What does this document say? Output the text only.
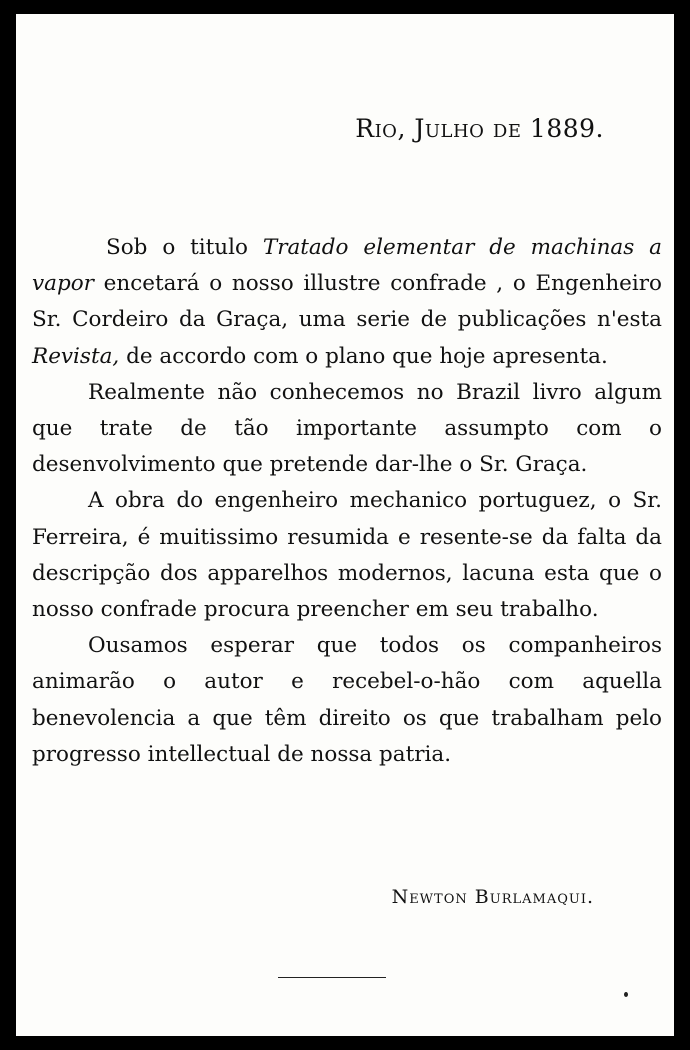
Rio, Julho de 1889.

Sob o titulo Tratado elementar de machinas a vapor encetará o nosso illustre confrade , o Engenheiro Sr. Cordeiro da Graça, uma serie de publicações n'esta Revista, de accordo com o plano que hoje apresenta.

Realmente não conhecemos no Brazil livro algum que trate de tão importante assumpto com o desenvolvimento que pretende dar-lhe o Sr. Graça.

A obra do engenheiro mechanico portuguez, o Sr. Ferreira, é muitissimo resumida e resente-se da falta da descripção dos apparelhos modernos, lacuna esta que o nosso confrade procura preencher em seu trabalho.

Ousamos esperar que todos os companheiros animarão o autor e recebel-o-hão com aquella benevolencia a que têm direito os que trabalham pelo progresso intellectual de nossa patria.

Newton Burlamaqui.
